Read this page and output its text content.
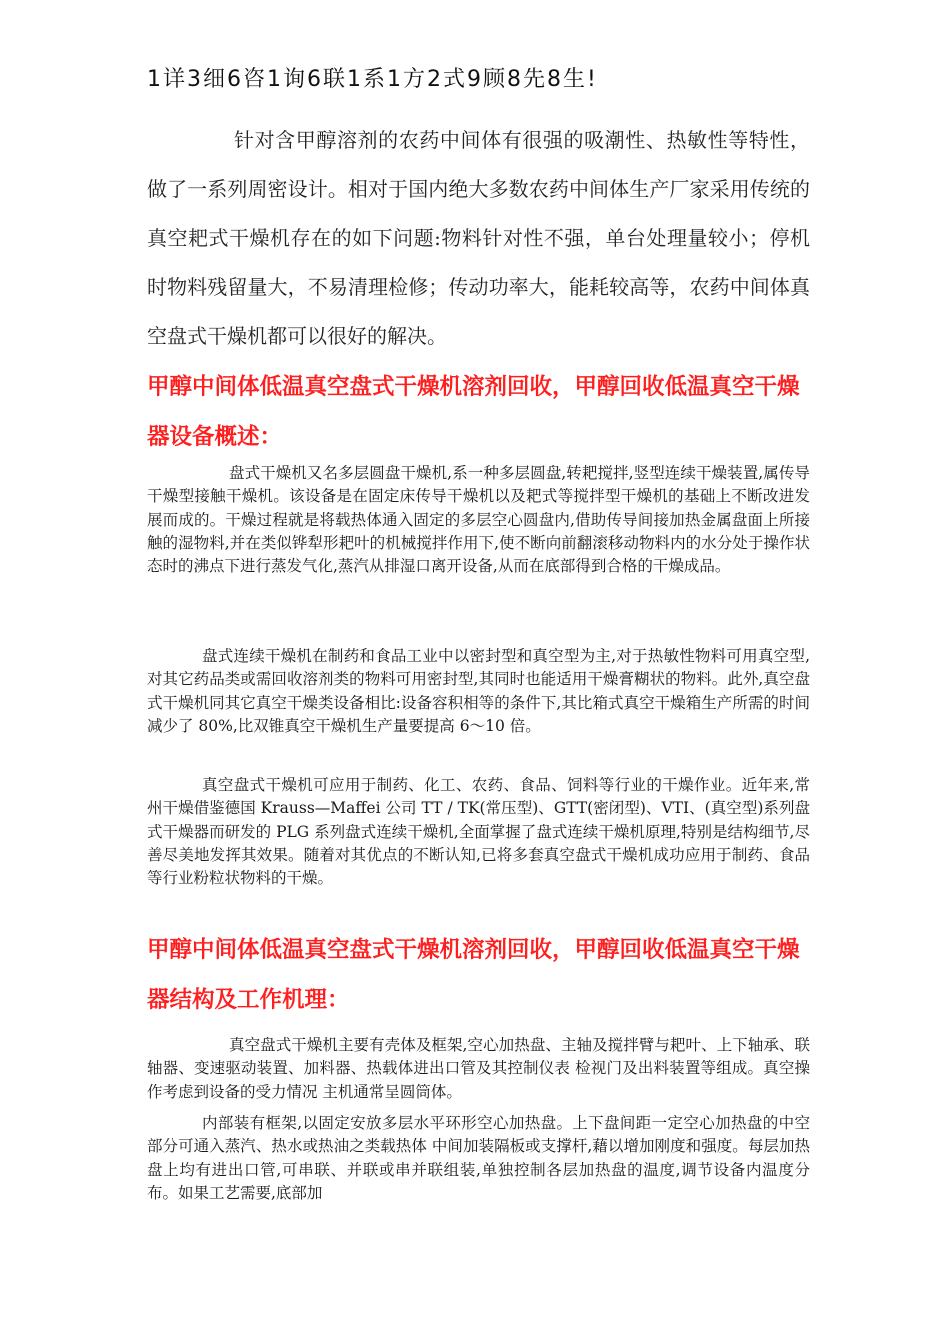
1详3细6咨1询6联1系1方2式9顾8先8生!

针对含甲醇溶剂的农药中间体有很强的吸潮性、热敏性等特性，做了一系列周密设计。相对于国内绝大多数农药中间体生产厂家采用传统的真空耙式干燥机存在的如下问题:物料针对性不强，单台处理量较小；停机时物料残留量大，不易清理检修；传动功率大，能耗较高等，农药中间体真空盘式干燥机都可以很好的解决。

甲醇中间体低温真空盘式干燥机溶剂回收，甲醇回收低温真空干燥器设备概述：

盘式干燥机又名多层圆盘干燥机,系一种多层圆盘,转耙搅拌,竖型连续干燥装置,属传导干燥型接触干燥机。该设备是在固定床传导干燥机以及耙式等搅拌型干燥机的基础上不断改进发展而成的。干燥过程就是将载热体通入固定的多层空心圆盘内,借助传导间接加热金属盘面上所接触的湿物料,并在类似铧犁形耙叶的机械搅拌作用下,使不断向前翻滚移动物料内的水分处于操作状态时的沸点下进行蒸发气化,蒸汽从排湿口离开设备,从而在底部得到合格的干燥成品。

盘式连续干燥机在制药和食品工业中以密封型和真空型为主,对于热敏性物料可用真空型,对其它药品类或需回收溶剂类的物料可用密封型,其同时也能适用干燥膏糊状的物料。此外,真空盘式干燥机同其它真空干燥类设备相比:设备容积相等的条件下,其比箱式真空干燥箱生产所需的时间减少了 80%,比双锥真空干燥机生产量要提高 6～10 倍。

真空盘式干燥机可应用于制药、化工、农药、食品、饲料等行业的干燥作业。近年来,常州干燥借鉴德国 Krauss—Maffei 公司 TT / TK(常压型)、GTT(密闭型)、VTI、(真空型)系列盘式干燥器而研发的 PLG 系列盘式连续干燥机,全面掌握了盘式连续干燥机原理,特别是结构细节,尽善尽美地发挥其效果。随着对其优点的不断认知,已将多套真空盘式干燥机成功应用于制药、食品等行业粉粒状物料的干燥。

甲醇中间体低温真空盘式干燥机溶剂回收，甲醇回收低温真空干燥器结构及工作机理：

真空盘式干燥机主要有壳体及框架,空心加热盘、主轴及搅拌臂与耙叶、上下轴承、联轴器、变速驱动装置、加料器、热载体进出口管及其控制仪表 检视门及出料装置等组成。真空操作考虑到设备的受力情况 主机通常呈圆筒体。

内部装有框架,以固定安放多层水平环形空心加热盘。上下盘间距一定空心加热盘的中空部分可通入蒸汽、热水或热油之类载热体 中间加装隔板或支撑杆,藉以增加刚度和强度。每层加热盘上均有进出口管,可串联、并联或串并联组装,单独控制各层加热盘的温度,调节设备内温度分布。如果工艺需要,底部加
